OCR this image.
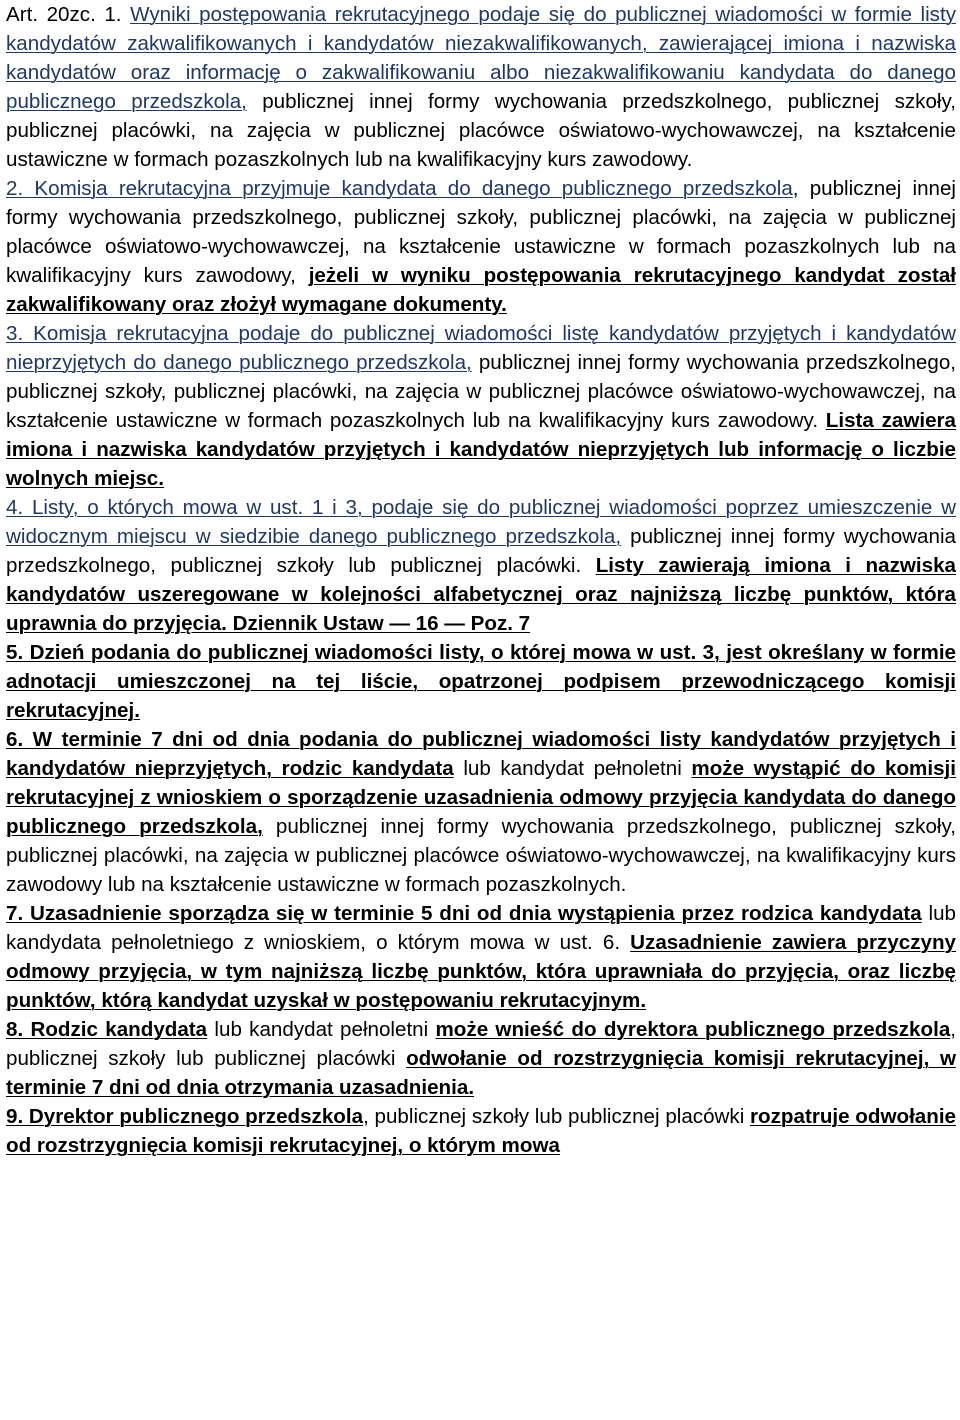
Art. 20zc. 1. Wyniki postępowania rekrutacyjnego podaje się do publicznej wiadomości w formie listy kandydatów zakwalifikowanych i kandydatów niezakwalifikowanych, zawierającej imiona i nazwiska kandydatów oraz informację o zakwalifikowaniu albo niezakwalifikowaniu kandydata do danego publicznego przedszkola, publicznej innej formy wychowania przedszkolnego, publicznej szkoły, publicznej placówki, na zajęcia w publicznej placówce oświatowo-wychowawczej, na kształcenie ustawiczne w formach pozaszkolnych lub na kwalifikacyjny kurs zawodowy.

2. Komisja rekrutacyjna przyjmuje kandydata do danego publicznego przedszkola, publicznej innej formy wychowania przedszkolnego, publicznej szkoły, publicznej placówki, na zajęcia w publicznej placówce oświatowo-wychowawczej, na kształcenie ustawiczne w formach pozaszkolnych lub na kwalifikacyjny kurs zawodowy, jeżeli w wyniku postępowania rekrutacyjnego kandydat został zakwalifikowany oraz złożył wymagane dokumenty.

3. Komisja rekrutacyjna podaje do publicznej wiadomości listę kandydatów przyjętych i kandydatów nieprzyjętych do danego publicznego przedszkola, publicznej innej formy wychowania przedszkolnego, publicznej szkoły, publicznej placówki, na zajęcia w publicznej placówce oświatowo-wychowawczej, na kształcenie ustawiczne w formach pozaszkolnych lub na kwalifikacyjny kurs zawodowy. Lista zawiera imiona i nazwiska kandydatów przyjętych i kandydatów nieprzyjętych lub informację o liczbie wolnych miejsc.

4. Listy, o których mowa w ust. 1 i 3, podaje się do publicznej wiadomości poprzez umieszczenie w widocznym miejscu w siedzibie danego publicznego przedszkola, publicznej innej formy wychowania przedszkolnego, publicznej szkoły lub publicznej placówki. Listy zawierają imiona i nazwiska kandydatów uszeregowane w kolejności alfabetycznej oraz najniższą liczbę punktów, która uprawnia do przyjęcia. Dziennik Ustaw — 16 — Poz. 7

5. Dzień podania do publicznej wiadomości listy, o której mowa w ust. 3, jest określany w formie adnotacji umieszczonej na tej liście, opatrzonej podpisem przewodniczącego komisji rekrutacyjnej.

6. W terminie 7 dni od dnia podania do publicznej wiadomości listy kandydatów przyjętych i kandydatów nieprzyjętych, rodzic kandydata lub kandydat pełnoletni może wystąpić do komisji rekrutacyjnej z wnioskiem o sporządzenie uzasadnienia odmowy przyjęcia kandydata do danego publicznego przedszkola, publicznej innej formy wychowania przedszkolnego, publicznej szkoły, publicznej placówki, na zajęcia w publicznej placówce oświatowo-wychowawczej, na kwalifikacyjny kurs zawodowy lub na kształcenie ustawiczne w formach pozaszkolnych.

7. Uzasadnienie sporządza się w terminie 5 dni od dnia wystąpienia przez rodzica kandydata lub kandydata pełnoletniego z wnioskiem, o którym mowa w ust. 6. Uzasadnienie zawiera przyczyny odmowy przyjęcia, w tym najniższą liczbę punktów, która uprawniała do przyjęcia, oraz liczbę punktów, którą kandydat uzyskał w postępowaniu rekrutacyjnym.

8. Rodzic kandydata lub kandydat pełnoletni może wnieść do dyrektora publicznego przedszkola, publicznej szkoły lub publicznej placówki odwołanie od rozstrzygnięcia komisji rekrutacyjnej, w terminie 7 dni od dnia otrzymania uzasadnienia.

9. Dyrektor publicznego przedszkola, publicznej szkoły lub publicznej placówki rozpatruje odwołanie od rozstrzygnięcia komisji rekrutacyjnej, o którym mowa
